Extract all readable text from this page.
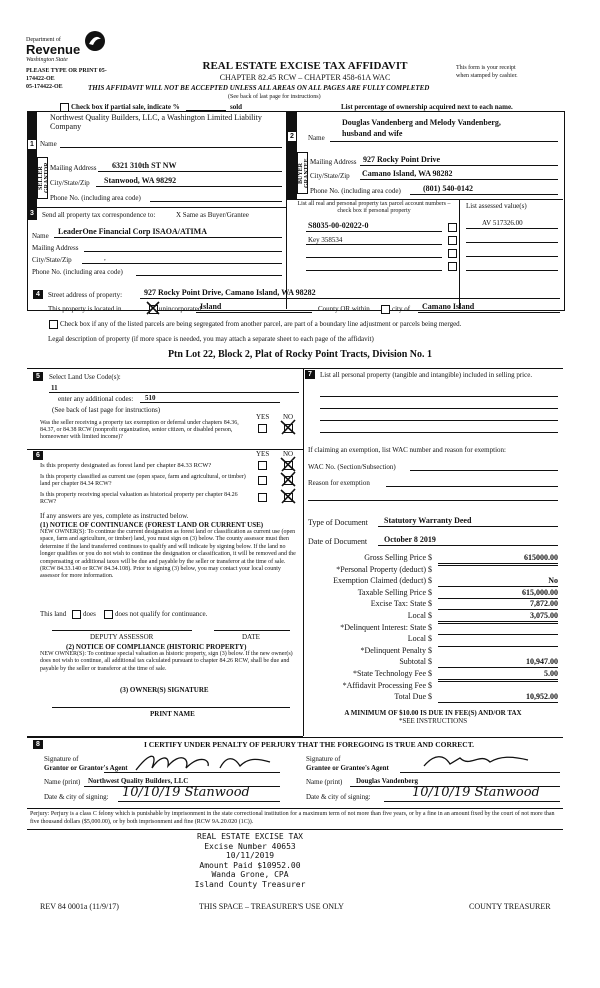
Department of
Revenue
Washington State
PLEASE TYPE OR PRINT 05-
174422-OE
05-174422-OE
REAL ESTATE EXCISE TAX AFFIDAVIT
CHAPTER 82.45 RCW – CHAPTER 458-61A WAC
This form is your receipt
when stamped by cashier.
THIS AFFIDAVIT WILL NOT BE ACCEPTED UNLESS ALL AREAS ON ALL PAGES ARE FULLY COMPLETED
(See back of last page for instructions)
Check box if partial sale, indicate %	sold	List percentage of ownership acquired next to each name.
1
2
Northwest Quality Builders, LLC, a Washington Limited Liability Company
Name
SELLER GRANTOR Mailing Address 6321 310th ST NW
City/State/Zip Stanwood, WA 98292
Phone No. (including area code)
Douglas Vandenberg and Melody Vandenberg,
husband and wife
Name
BUYER GRANTEE Mailing Address 927 Rocky Point Drive
City/State/Zip Camano Island, WA 98282
Phone No. (including area code)	(801) 540-0142
3	Send all property tax correspondence to:	X Same as Buyer/Grantee
Name LeaderOne Financial Corp ISAOA/ATIMA
Mailing Address
City/State/Zip	,
Phone No. (including area code)
List all real and personal property tax parcel account numbers – check box if personal property
List assessed value(s)
S8035-00-02022-0	AV 517326.00
Key 358534
4	Street address of property:	927 Rocky Point Drive, Camano Island, WA 98282
This property is located in	unincorporated
Island	County OR within	city of Camano Island
Check box if any of the listed parcels are being segregated from another parcel, are part of a boundary line adjustment or parcels being merged.
Legal description of property (if more space is needed, you may attach a separate sheet to each page of the affidavit)
Ptn Lot 22, Block 2, Plat of Rocky Point Tracts, Division No. 1
5	Select Land Use Code(s):
11
enter any additional codes: 510
(See back of last page for instructions)
YES NO
Was the seller receiving a property tax exemption or deferral under chapters 84.36, 84.37, or 84.38 RCW (nonprofit organization, senior citizen, or disabled person, homeowner with limited income)?
6	YES NO
Is this property designated as forest land per chapter 84.33 RCW?
Is this property classified as current use (open space, farm and agricultural, or timber) land per chapter 84.34 RCW?
Is this property receiving special valuation as historical property per chapter 84.26 RCW?
If any answers are yes, complete as instructed below.
(1) NOTICE OF CONTINUANCE (FOREST LAND OR CURRENT USE)
NEW OWNER(S): To continue the current designation as forest land or classification as current use (open space, farm and agriculture, or timber) land, you must sign on (3) below. The county assessor must then determine if the land transferred continues to qualify and will indicate by signing below. If the land no longer qualifies or you do not wish to continue the designation or classification, it will be removed and the compensating or additional taxes will be due and payable by the seller or transferor at the time of sale. (RCW 84.33.140 or RCW 84.34.108). Prior to signing (3) below, you may contact your local county assessor for more information.
This land does	does not qualify for continuance.
DEPUTY ASSESSOR	DATE
(2) NOTICE OF COMPLIANCE (HISTORIC PROPERTY)
NEW OWNER(S): To continue special valuation as historic property, sign (3) below. If the new owner(s) does not wish to continue, all additional tax calculated pursuant to chapter 84.26 RCW, shall be due and payable by the seller or transferor at the time of sale.
(3) OWNER(S) SIGNATURE
PRINT NAME
7	List all personal property (tangible and intangible) included in selling price.
If claiming an exemption, list WAC number and reason for exemption:
WAC No. (Section/Subsection)
Reason for exemption
Type of Document Statutory Warranty Deed
Date of Document October 8 2019
Gross Selling Price $	615000.00
*Personal Property (deduct) $
Exemption Claimed (deduct) $	No
Taxable Selling Price $	615,000.00
Excise Tax: State $	7,872.00
Local $	3,075.00
*Delinquent Interest: State $
Local $
*Delinquent Penalty $
Subtotal $	10,947.00
*State Technology Fee $	5.00
*Affidavit Processing Fee $
Total Due $	10,952.00
A MINIMUM OF $10.00 IS DUE IN FEE(S) AND/OR TAX
*SEE INSTRUCTIONS
8	I CERTIFY UNDER PENALTY OF PERJURY THAT THE FOREGOING IS TRUE AND CORRECT.
Signature of
Grantor or Grantor's Agent
Name (print) Northwest Quality Builders, LLC
Date & city of signing: 10/10/19 Stanwood
Signature of
Grantee or Grantee's Agent
Name (print) Douglas Vandenberg
Date & city of signing:	10/10/19 Stanwood
Perjury: Perjury is a class C felony which is punishable by imprisonment in the state correctional institution for a maximum term of not more than five years, or by a fine in an amount fixed by the court of not more than five thousand dollars ($5,000.00), or by both imprisonment and fine (RCW 9A.20.020 (1C)).
REAL ESTATE EXCISE TAX
Excise Number 40653
10/11/2019
Amount Paid $10952.00
Wanda Grone, CPA
Island County Treasurer
REV 84 0001a (11/9/17)	THIS SPACE – TREASURER'S USE ONLY	COUNTY TREASURER
